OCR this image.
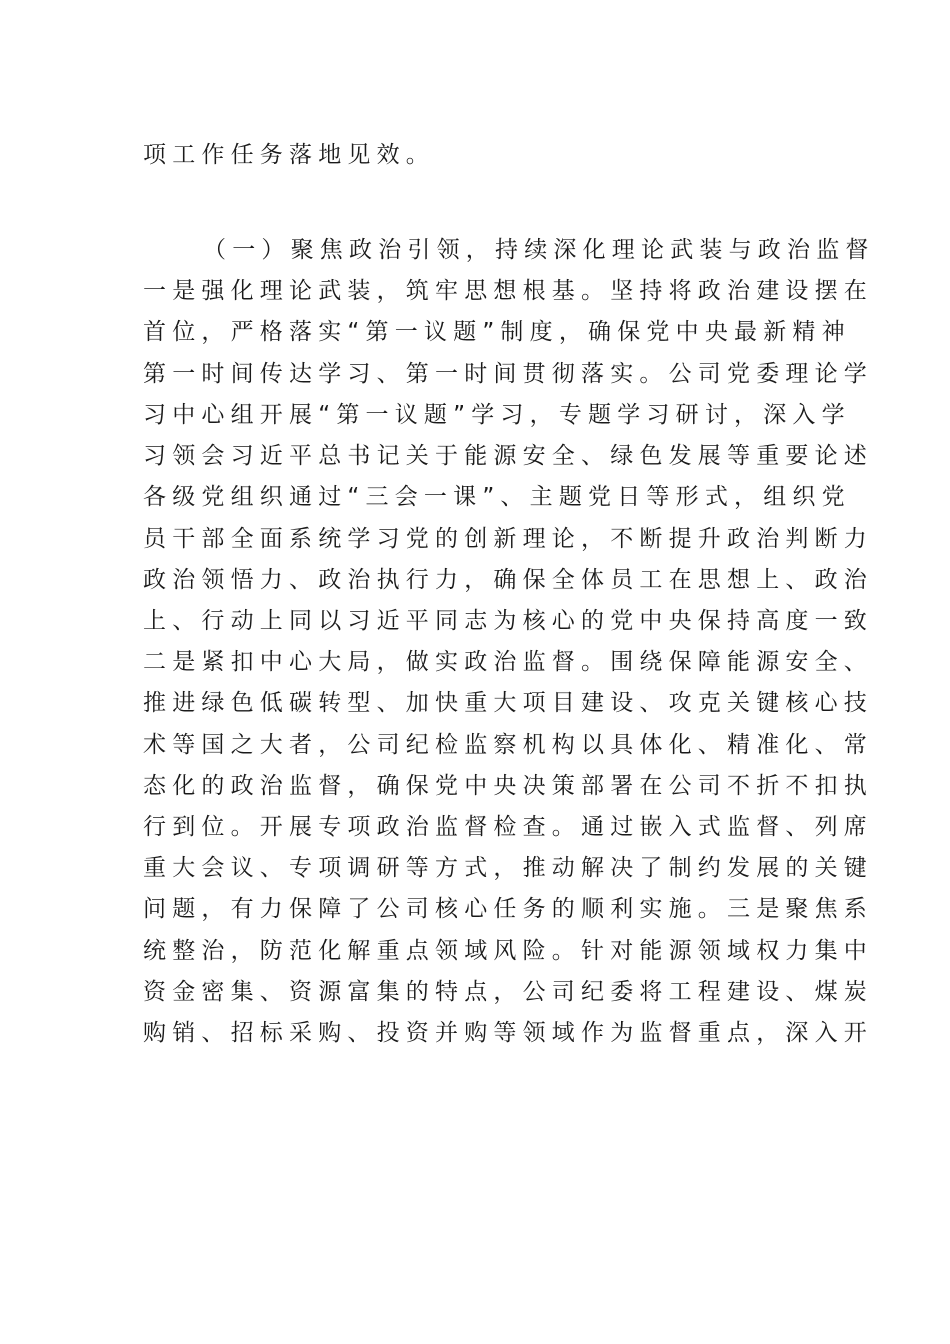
项工作任务落地见效。
（一）聚焦政治引领，持续深化理论武装与政治监督
一是强化理论武装，筑牢思想根基。坚持将政治建设摆在
首位，严格落实“第一议题”制度，确保党中央最新精神
第一时间传达学习、第一时间贯彻落实。公司党委理论学
习中心组开展“第一议题”学习，专题学习研讨，深入学
习领会习近平总书记关于能源安全、绿色发展等重要论述
各级党组织通过“三会一课”、主题党日等形式，组织党
员干部全面系统学习党的创新理论，不断提升政治判断力
政治领悟力、政治执行力，确保全体员工在思想上、政治
上、行动上同以习近平同志为核心的党中央保持高度一致
二是紧扣中心大局，做实政治监督。围绕保障能源安全、
推进绿色低碳转型、加快重大项目建设、攻克关键核心技
术等国之大者，公司纪检监察机构以具体化、精准化、常
态化的政治监督，确保党中央决策部署在公司不折不扣执
行到位。开展专项政治监督检查。通过嵌入式监督、列席
重大会议、专项调研等方式，推动解决了制约发展的关键
问题，有力保障了公司核心任务的顺利实施。三是聚焦系
统整治，防范化解重点领域风险。针对能源领域权力集中
资金密集、资源富集的特点，公司纪委将工程建设、煤炭
购销、招标采购、投资并购等领域作为监督重点，深入开
